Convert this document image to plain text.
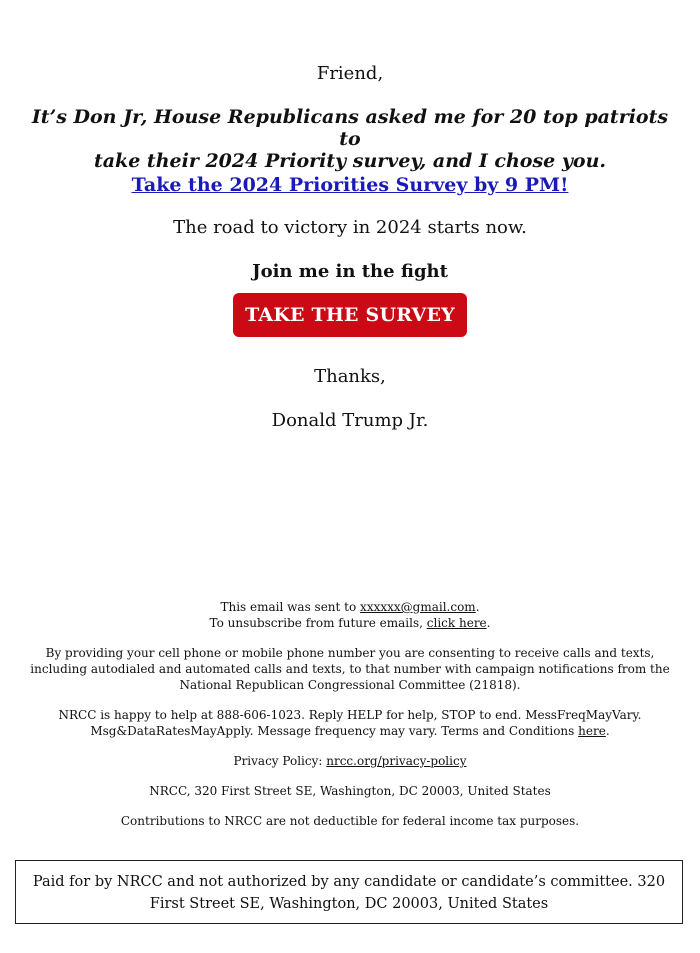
Friend,
It’s Don Jr, House Republicans asked me for 20 top patriots to
take their 2024 Priority survey, and I chose you.
Take the 2024 Priorities Survey by 9 PM!
The road to victory in 2024 starts now.
Join me in the fight
TAKE THE SURVEY
Thanks,
Donald Trump Jr.

This email was sent to xxxxxx@gmail.com.

To unsubscribe from future emails, click here.

By providing your cell phone or mobile phone number you are consenting to receive calls and texts, including autodialed and automated calls and texts, to that number with campaign notifications from the National Republican Congressional Committee (21818).

NRCC is happy to help at 888-606-1023. Reply HELP for help, STOP to end. MessFreqMayVary. Msg&DataRatesMayApply. Message frequency may vary. Terms and Conditions here.

Privacy Policy: nrcc.org/privacy-policy

NRCC, 320 First Street SE, Washington, DC 20003, United States

Contributions to NRCC are not deductible for federal income tax purposes.

Paid for by NRCC and not authorized by any candidate or candidate’s committee. 320 First Street SE, Washington, DC 20003, United States
